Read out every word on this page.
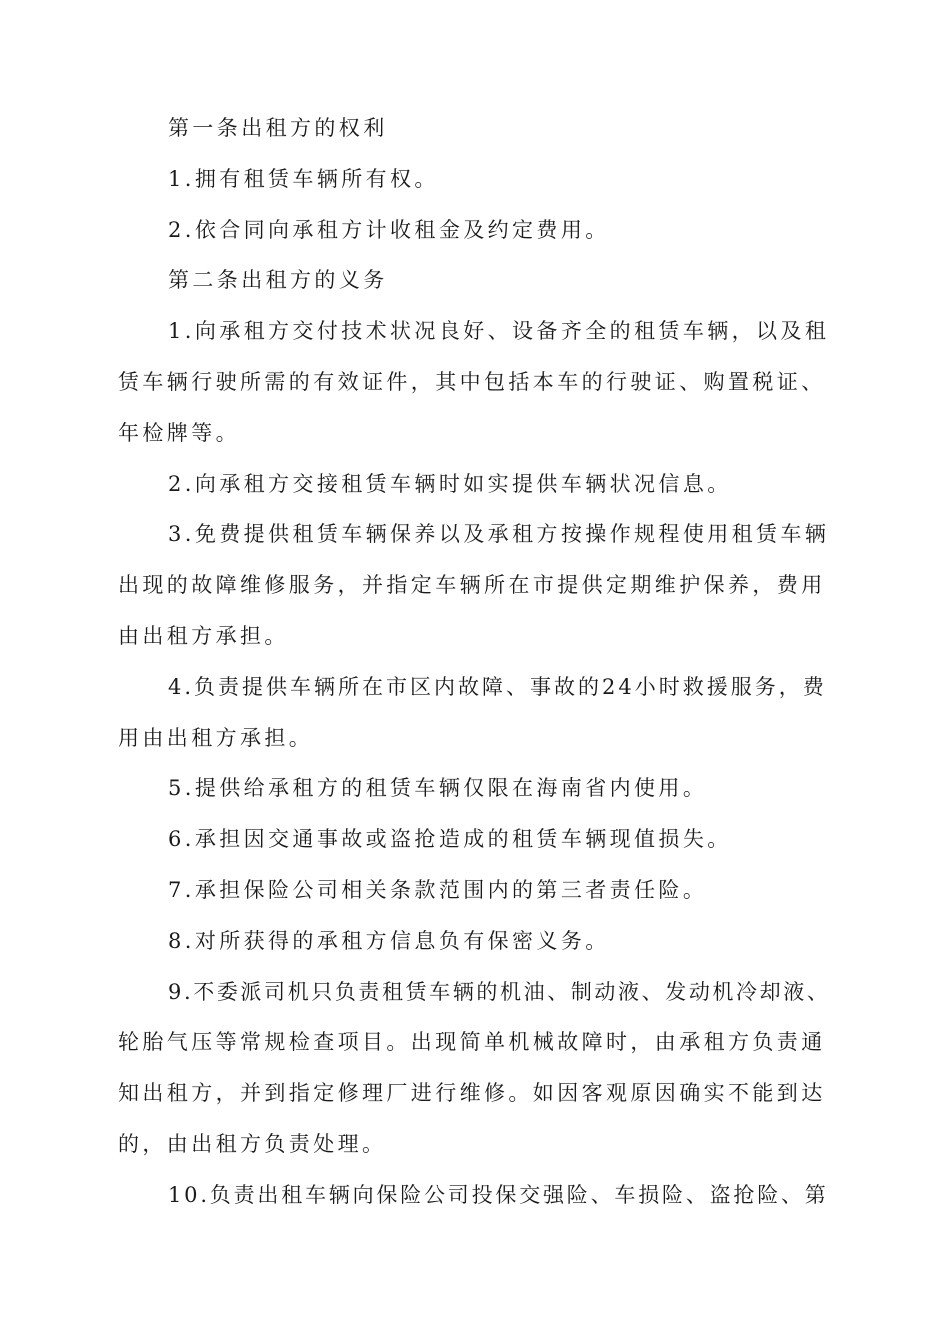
第一条出租方的权利
1.拥有租赁车辆所有权。
2.依合同向承租方计收租金及约定费用。
第二条出租方的义务
1.向承租方交付技术状况良好、设备齐全的租赁车辆，以及租
赁车辆行驶所需的有效证件，其中包括本车的行驶证、购置税证、
年检牌等。
2.向承租方交接租赁车辆时如实提供车辆状况信息。
3.免费提供租赁车辆保养以及承租方按操作规程使用租赁车辆
出现的故障维修服务，并指定车辆所在市提供定期维护保养，费用
由出租方承担。
4.负责提供车辆所在市区内故障、事故的24小时救援服务，费
用由出租方承担。
5.提供给承租方的租赁车辆仅限在海南省内使用。
6.承担因交通事故或盗抢造成的租赁车辆现值损失。
7.承担保险公司相关条款范围内的第三者责任险。
8.对所获得的承租方信息负有保密义务。
9.不委派司机只负责租赁车辆的机油、制动液、发动机冷却液、
轮胎气压等常规检查项目。出现简单机械故障时，由承租方负责通
知出租方，并到指定修理厂进行维修。如因客观原因确实不能到达
的，由出租方负责处理。
10.负责出租车辆向保险公司投保交强险、车损险、盗抢险、第
